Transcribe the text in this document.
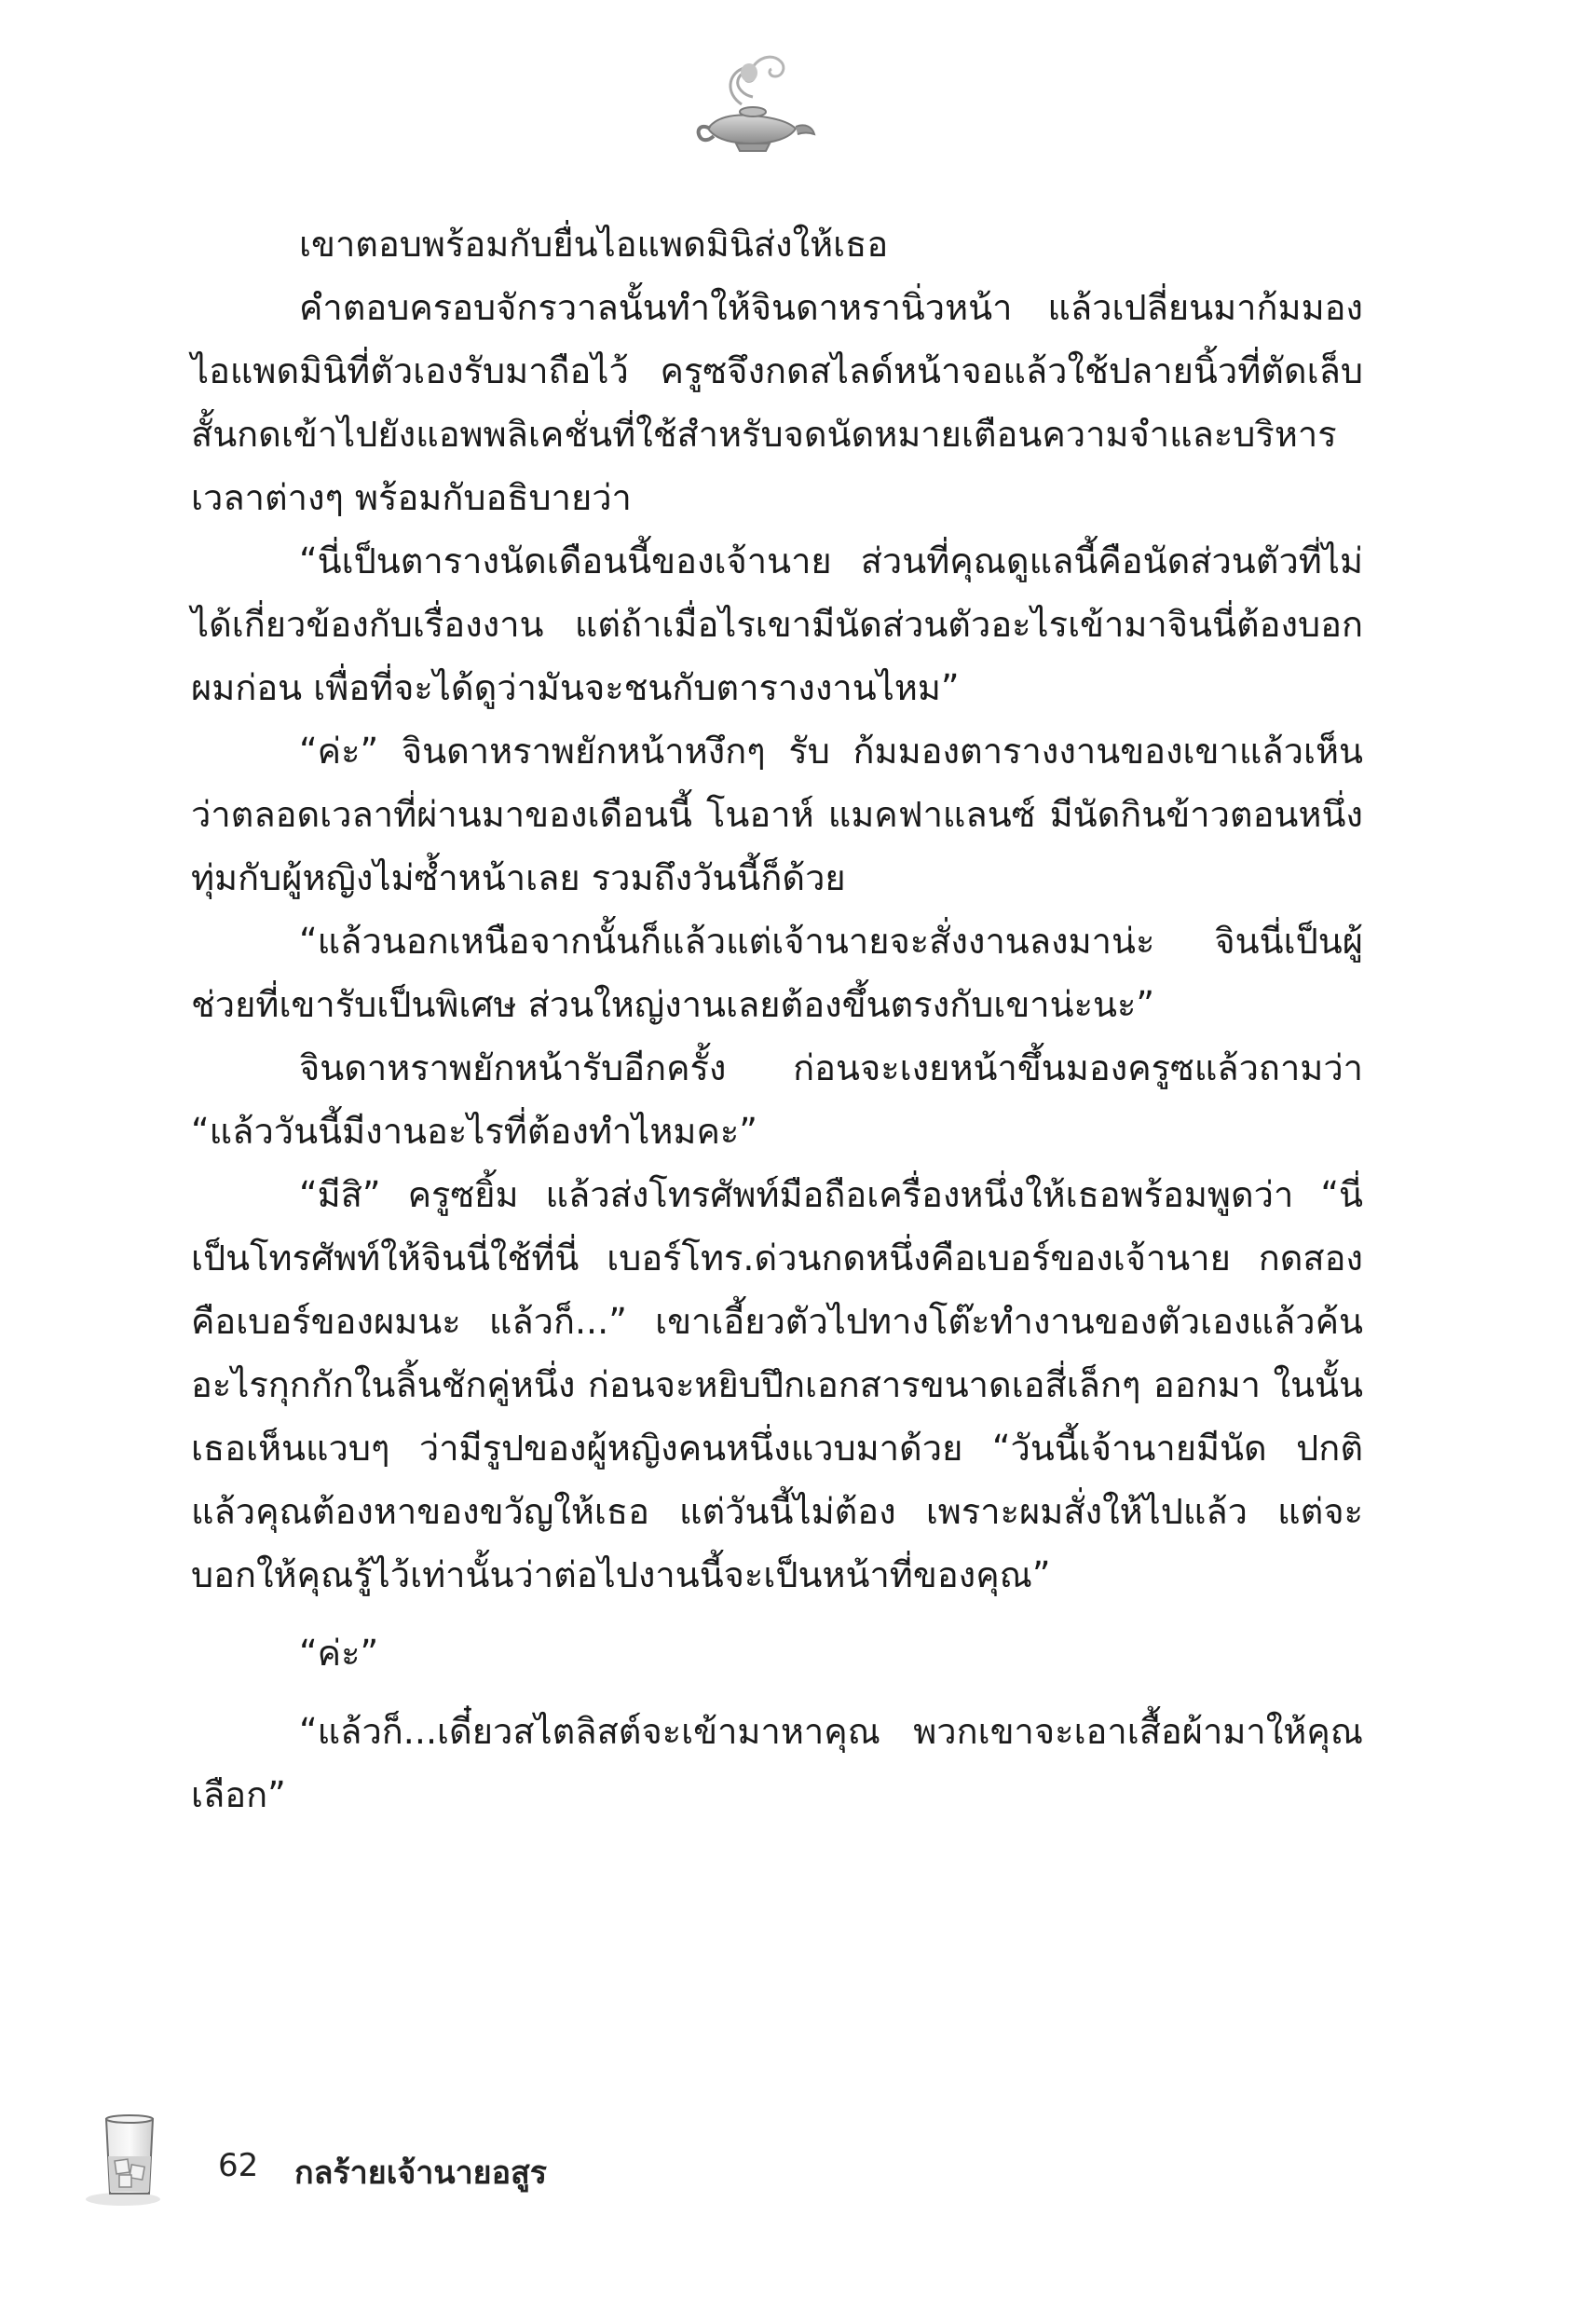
เขาตอบพร้อมกับยื่นไอแพดมินิส่งให้เธอ

คำตอบครอบจักรวาลนั้นทำให้จินดาหรานิ่วหน้า แล้วเปลี่ยนมาก้มมองไอแพดมินิที่ตัวเองรับมาถือไว้ ครูซจึงกดสไลด์หน้าจอแล้วใช้ปลายนิ้วที่ตัดเล็บสั้นกดเข้าไปยังแอพพลิเคชั่นที่ใช้สำหรับจดนัดหมายเตือนความจำและบริหารเวลาต่างๆ พร้อมกับอธิบายว่า

“นี่เป็นตารางนัดเดือนนี้ของเจ้านาย ส่วนที่คุณดูแลนี้คือนัดส่วนตัวที่ไม่ได้เกี่ยวข้องกับเรื่องงาน แต่ถ้าเมื่อไรเขามีนัดส่วนตัวอะไรเข้ามาจินนี่ต้องบอกผมก่อน เพื่อที่จะได้ดูว่ามันจะชนกับตารางงานไหม”

“ค่ะ” จินดาหราพยักหน้าหงึกๆ รับ ก้มมองตารางงานของเขาแล้วเห็นว่าตลอดเวลาที่ผ่านมาของเดือนนี้ โนอาห์ แมคฟาแลนซ์ มีนัดกินข้าวตอนหนึ่งทุ่มกับผู้หญิงไม่ซ้ำหน้าเลย รวมถึงวันนี้ก็ด้วย

“แล้วนอกเหนือจากนั้นก็แล้วแต่เจ้านายจะสั่งงานลงมาน่ะ จินนี่เป็นผู้ช่วยที่เขารับเป็นพิเศษ ส่วนใหญ่งานเลยต้องขึ้นตรงกับเขาน่ะนะ”

จินดาหราพยักหน้ารับอีกครั้ง ก่อนจะเงยหน้าขึ้นมองครูซแล้วถามว่า “แล้ววันนี้มีงานอะไรที่ต้องทำไหมคะ”

“มีสิ” ครูซยิ้ม แล้วส่งโทรศัพท์มือถือเครื่องหนึ่งให้เธอพร้อมพูดว่า “นี่เป็นโทรศัพท์ให้จินนี่ใช้ที่นี่ เบอร์โทร.ด่วนกดหนึ่งคือเบอร์ของเจ้านาย กดสองคือเบอร์ของผมนะ แล้วก็...” เขาเอี้ยวตัวไปทางโต๊ะทำงานของตัวเองแล้วค้นอะไรกุกกักในลิ้นชักคู่หนึ่ง ก่อนจะหยิบปึกเอกสารขนาดเอสี่เล็กๆ ออกมา ในนั้นเธอเห็นแวบๆ ว่ามีรูปของผู้หญิงคนหนึ่งแวบมาด้วย “วันนี้เจ้านายมีนัด ปกติแล้วคุณต้องหาของขวัญให้เธอ แต่วันนี้ไม่ต้อง เพราะผมสั่งให้ไปแล้ว แต่จะบอกให้คุณรู้ไว้เท่านั้นว่าต่อไปงานนี้จะเป็นหน้าที่ของคุณ”

“ค่ะ”

“แล้วก็...เดี๋ยวสไตลิสต์จะเข้ามาหาคุณ พวกเขาจะเอาเสื้อผ้ามาให้คุณเลือก”

62 กลร้ายเจ้านายอสูร
